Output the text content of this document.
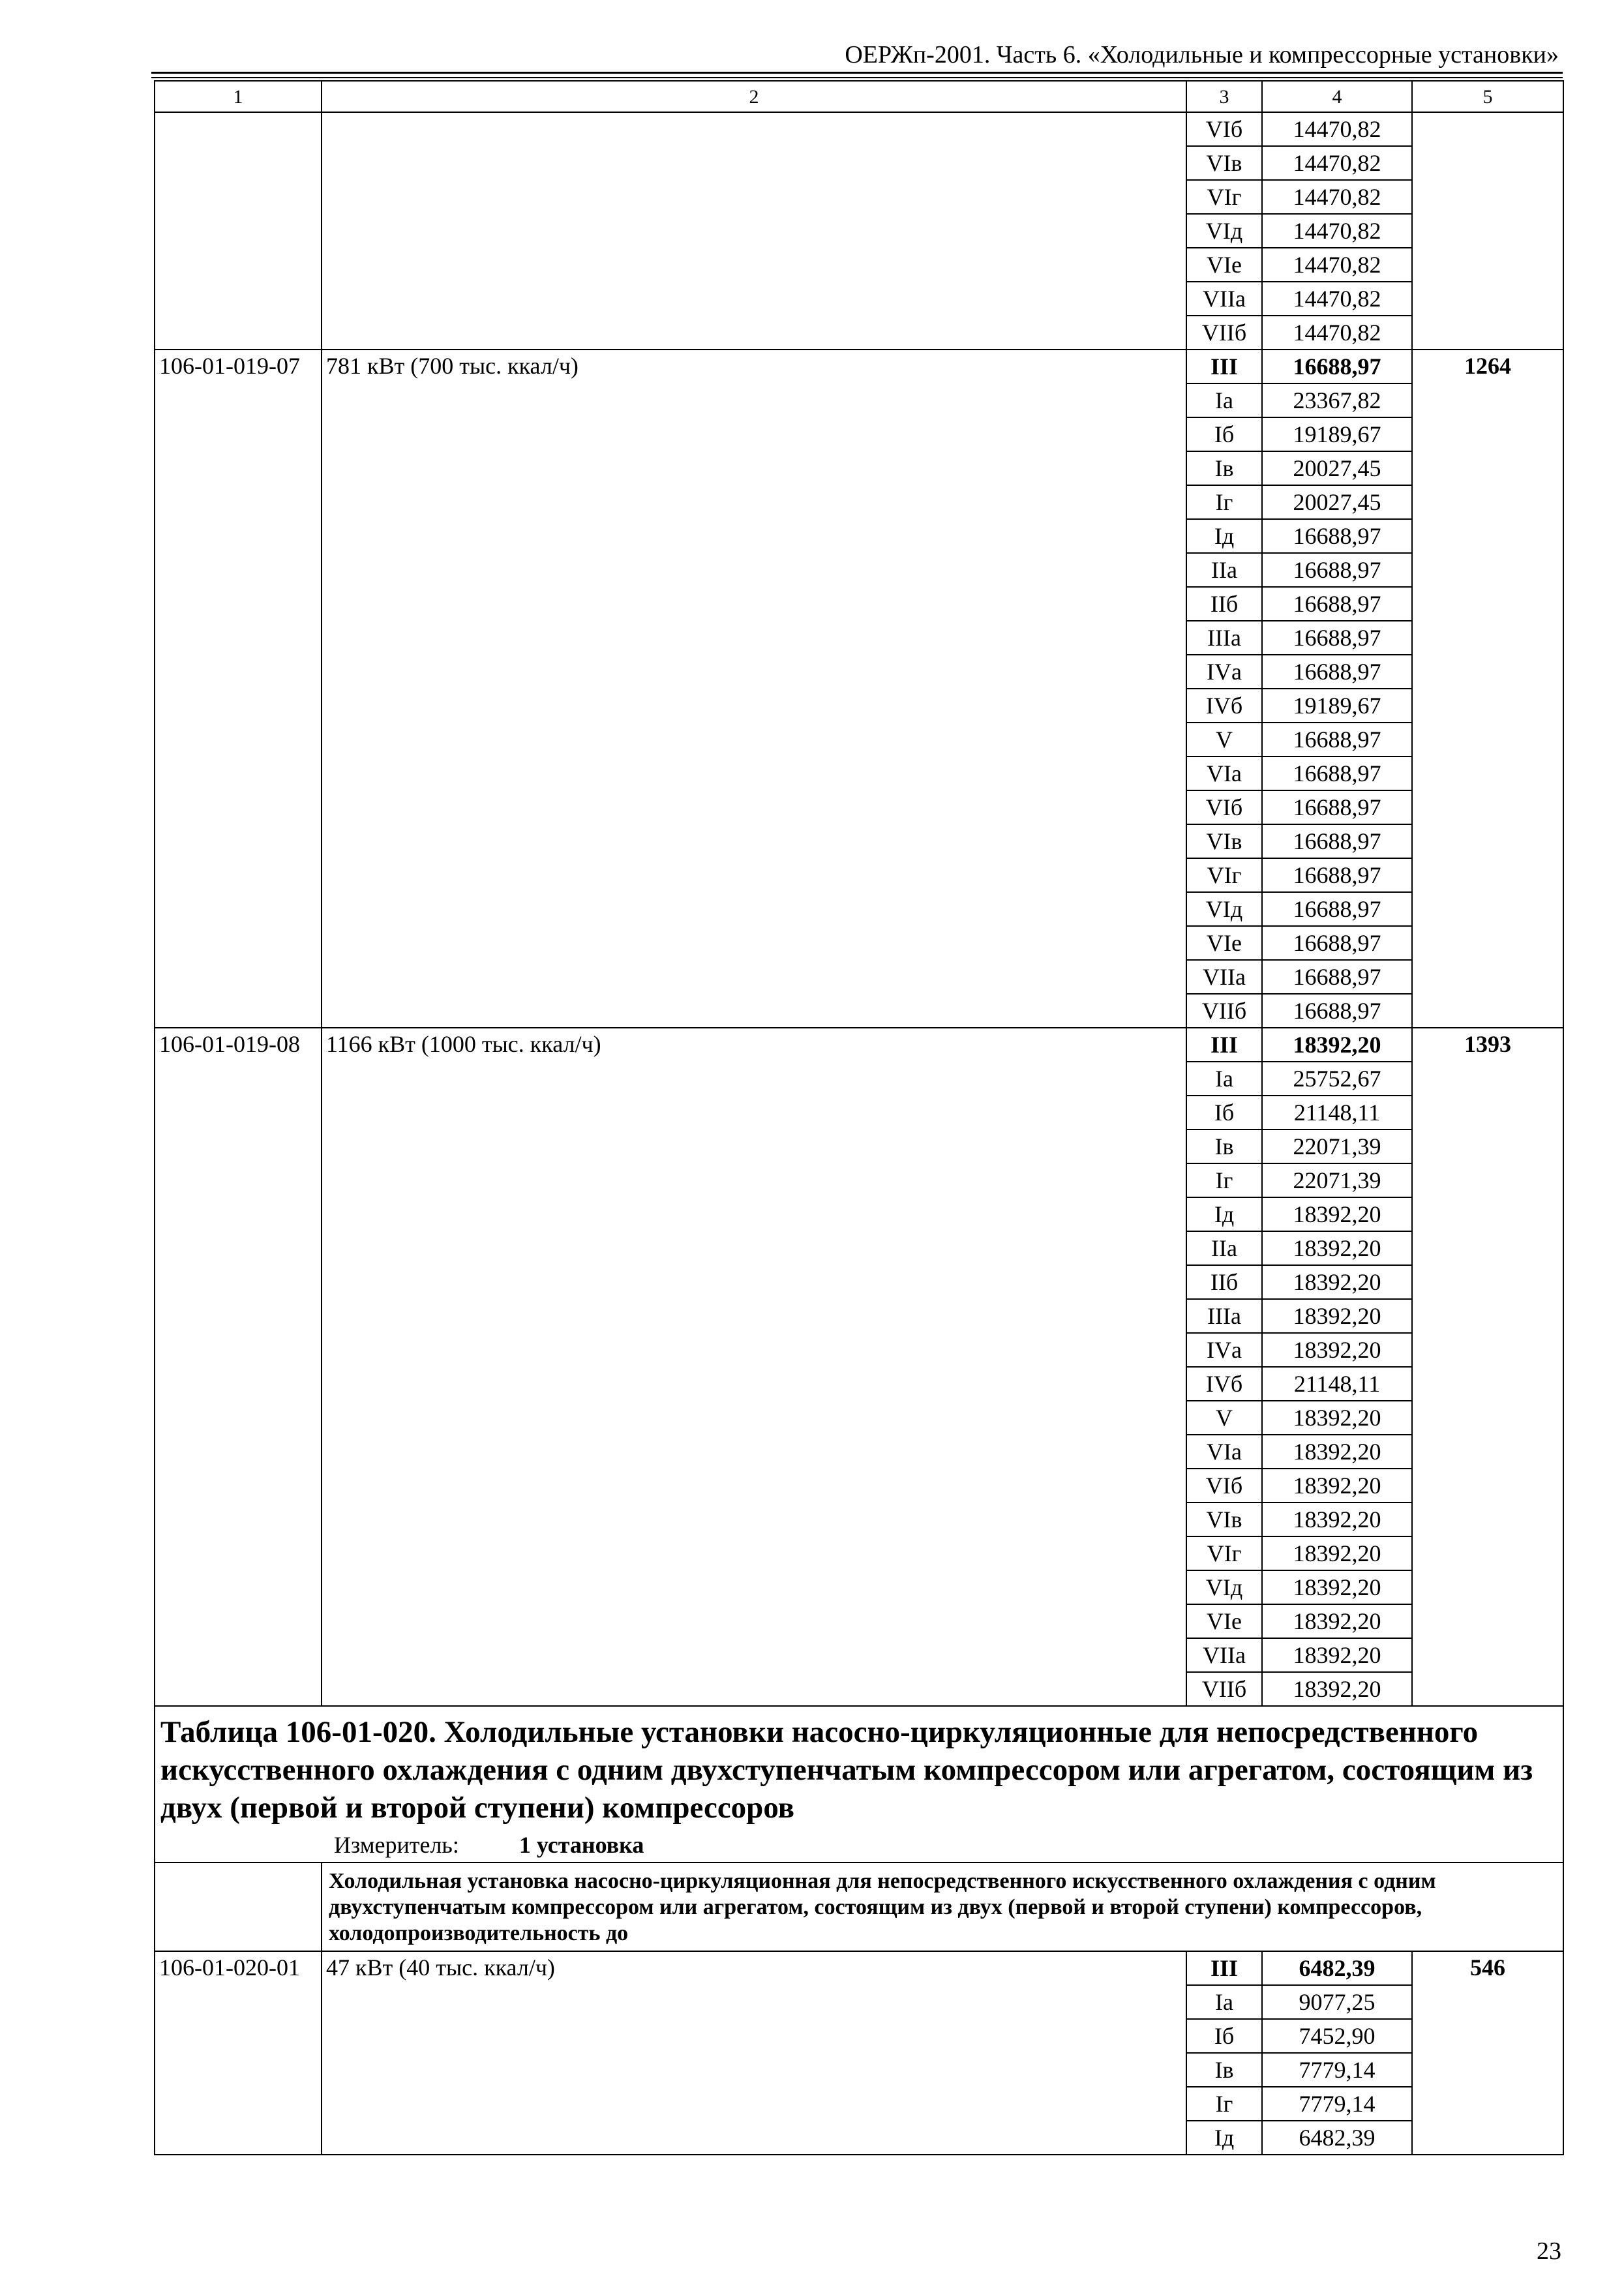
ОЕРЖп-2001. Часть 6. «Холодильные и компрессорные установки»
1	2	3	4	5
		VIб	14470,82	
		VIв	14470,82	
		VIг	14470,82	
		VIд	14470,82	
		VIе	14470,82	
		VIIа	14470,82	
		VIIб	14470,82	
106-01-019-07	781 кВт (700 тыс. ккал/ч)	III	16688,97	1264
		Iа	23367,82	
		Iб	19189,67	
		Iв	20027,45	
		Iг	20027,45	
		Iд	16688,97	
		IIа	16688,97	
		IIб	16688,97	
		IIIа	16688,97	
		IVа	16688,97	
		IVб	19189,67	
		V	16688,97	
		VIа	16688,97	
		VIб	16688,97	
		VIв	16688,97	
		VIг	16688,97	
		VIд	16688,97	
		VIе	16688,97	
		VIIа	16688,97	
		VIIб	16688,97	
106-01-019-08	1166 кВт (1000 тыс. ккал/ч)	III	18392,20	1393
		Iа	25752,67	
		Iб	21148,11	
		Iв	22071,39	
		Iг	22071,39	
		Iд	18392,20	
		IIа	18392,20	
		IIб	18392,20	
		IIIа	18392,20	
		IVа	18392,20	
		IVб	21148,11	
		V	18392,20	
		VIа	18392,20	
		VIб	18392,20	
		VIв	18392,20	
		VIг	18392,20	
		VIд	18392,20	
		VIе	18392,20	
		VIIа	18392,20	
		VIIб	18392,20	

Таблица 106-01-020. Холодильные установки насосно-циркуляционные для непосредственного искусственного охлаждения с одним двухступенчатым компрессором или агрегатом, состоящим из двух (первой и второй ступени) компрессоров
Измеритель: 1 установка				

	Холодильная установка насосно-циркуляционная для непосредственного искусственного охлаждения с одним двухступенчатым компрессором или агрегатом, состоящим из двух (первой и второй ступени) компрессоров, холодопроизводительность до			
106-01-020-01	47 кВт (40 тыс. ккал/ч)	III	6482,39	546
		Iа	9077,25	
		Iб	7452,90	
		Iв	7779,14	
		Iг	7779,14	
		Iд	6482,39	
23
